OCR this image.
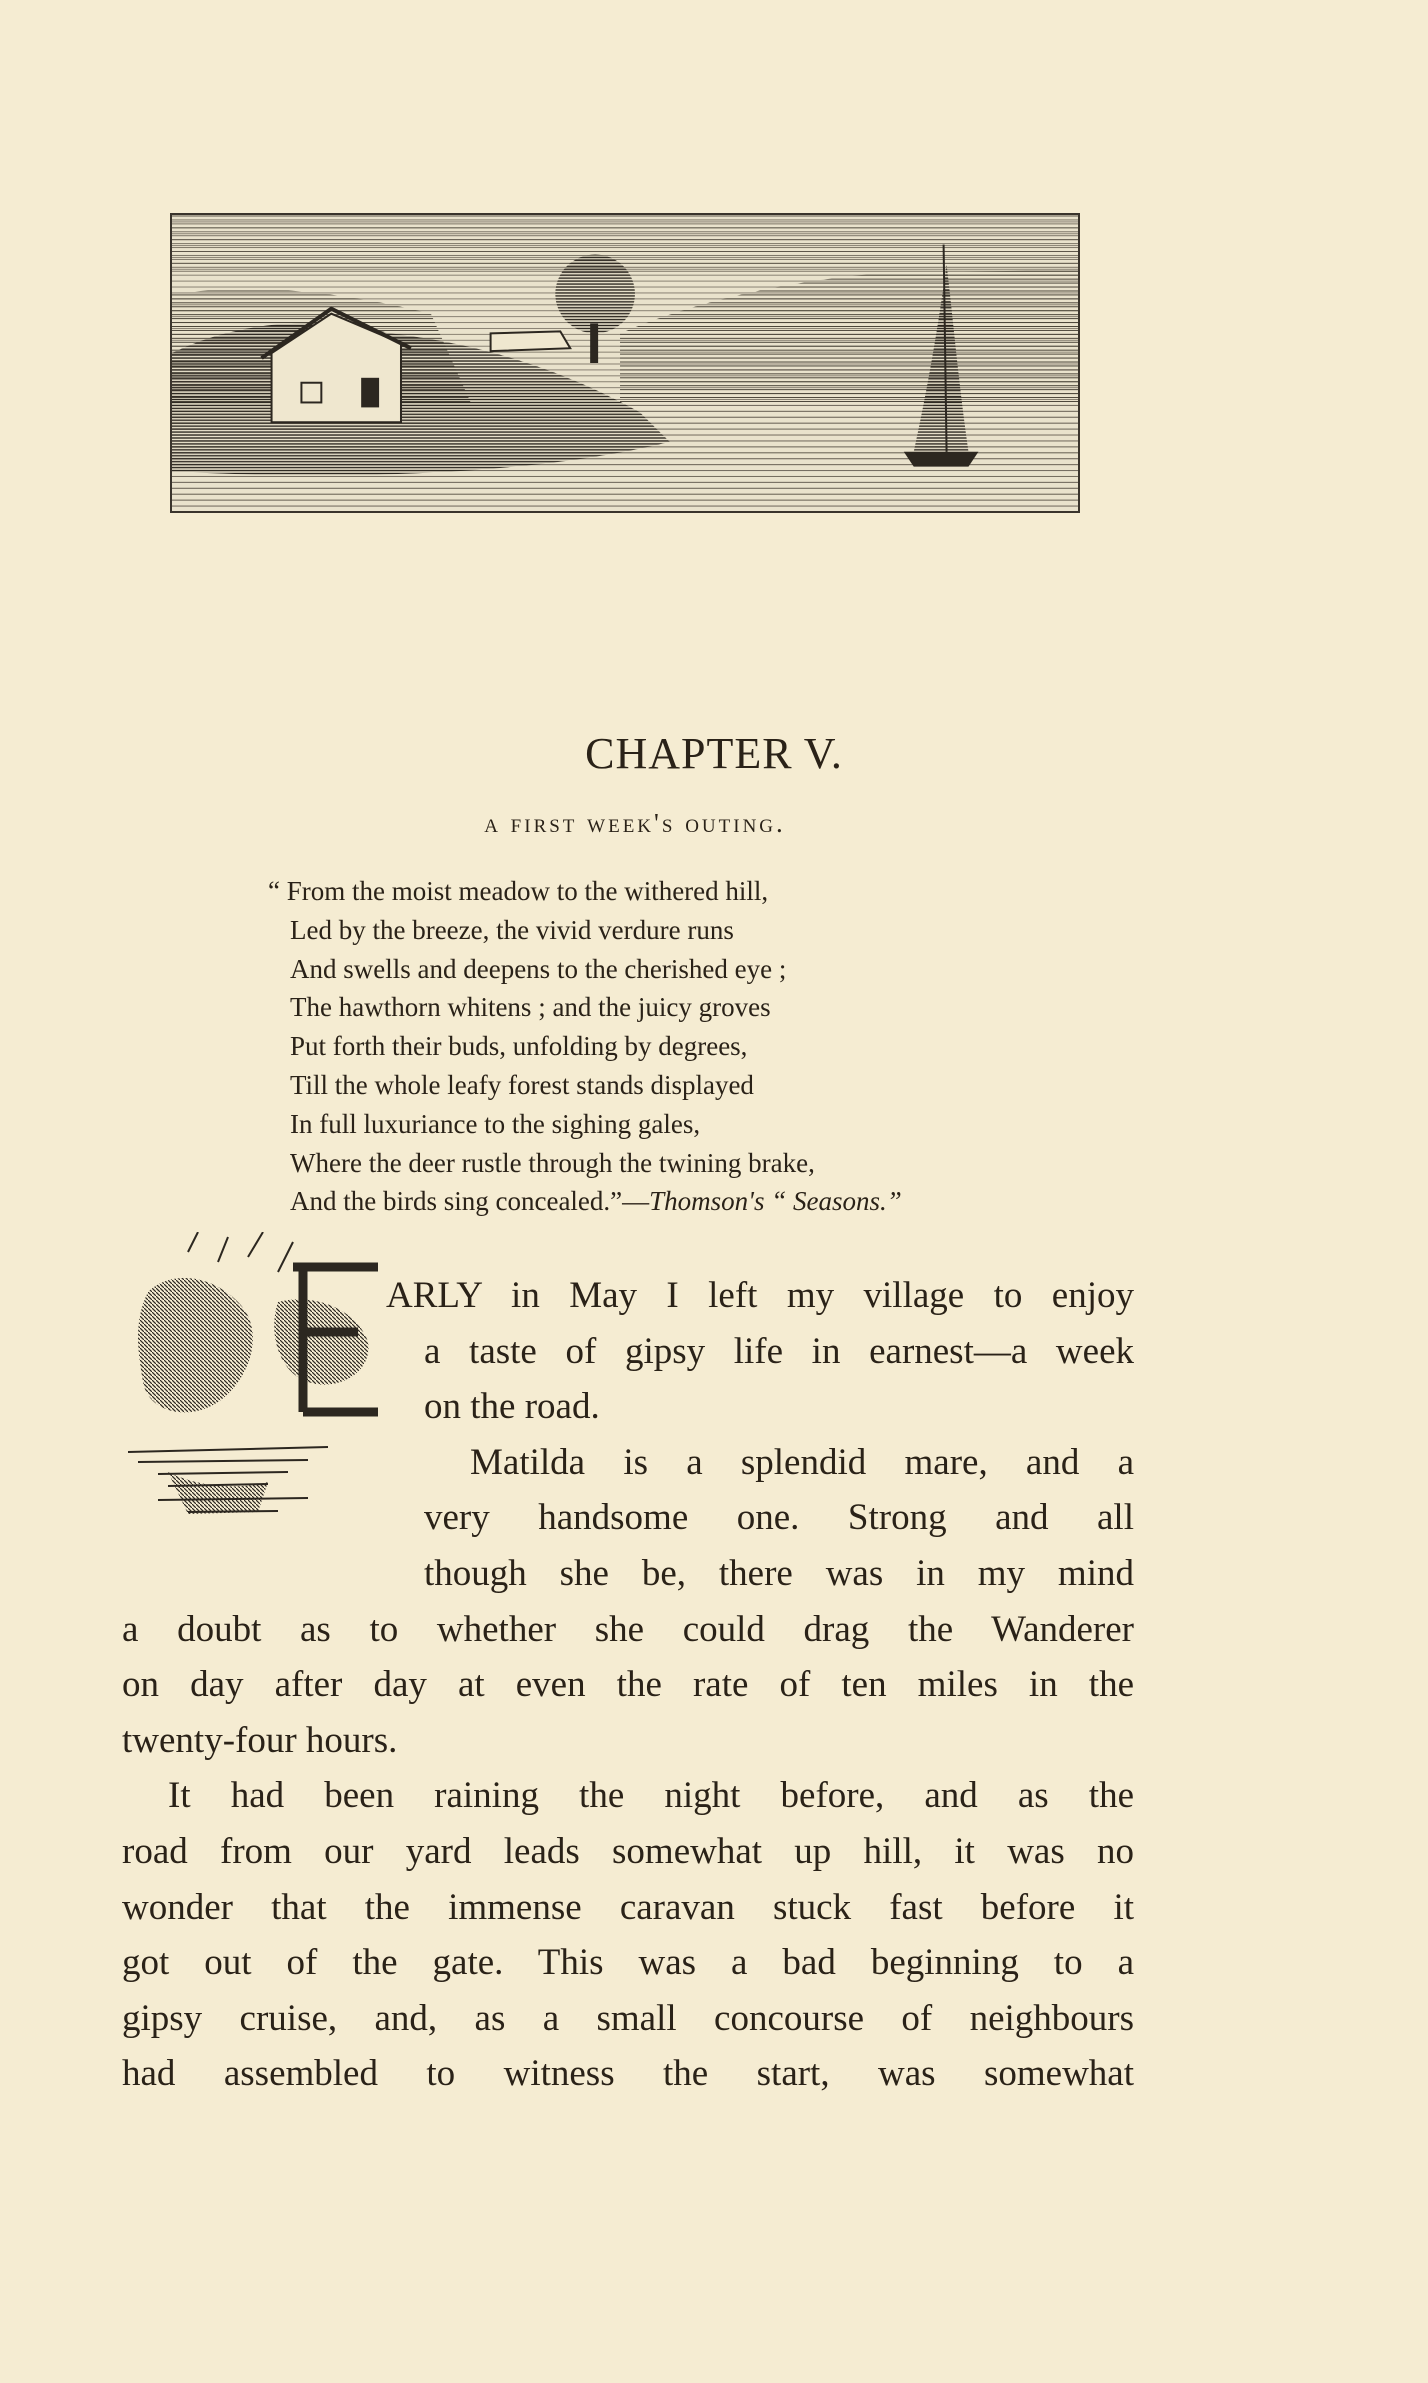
CHAPTER V.
a first week's outing.
“ From the moist meadow to the withered hill,
Led by the breeze, the vivid verdure runs
And swells and deepens to the cherished eye ;
The hawthorn whitens ; and the juicy groves
Put forth their buds, unfolding by degrees,
Till the whole leafy forest stands displayed
In full luxuriance to the sighing gales,
Where the deer rustle through the twining brake,
And the birds sing concealed.”—Thomson's “ Seasons.”
ARLY in May I left my village to enjoy
a taste of gipsy life in earnest—a week
on the road.
Matilda is a splendid mare, and a
very handsome one. Strong and all
though she be, there was in my mind
a doubt as to whether she could drag the Wanderer
on day after day at even the rate of ten miles in the
twenty-four hours.
It had been raining the night before, and as the
road from our yard leads somewhat up hill, it was no
wonder that the immense caravan stuck fast before it
got out of the gate. This was a bad beginning to a
gipsy cruise, and, as a small concourse of neighbours
had assembled to witness the start, was somewhat
